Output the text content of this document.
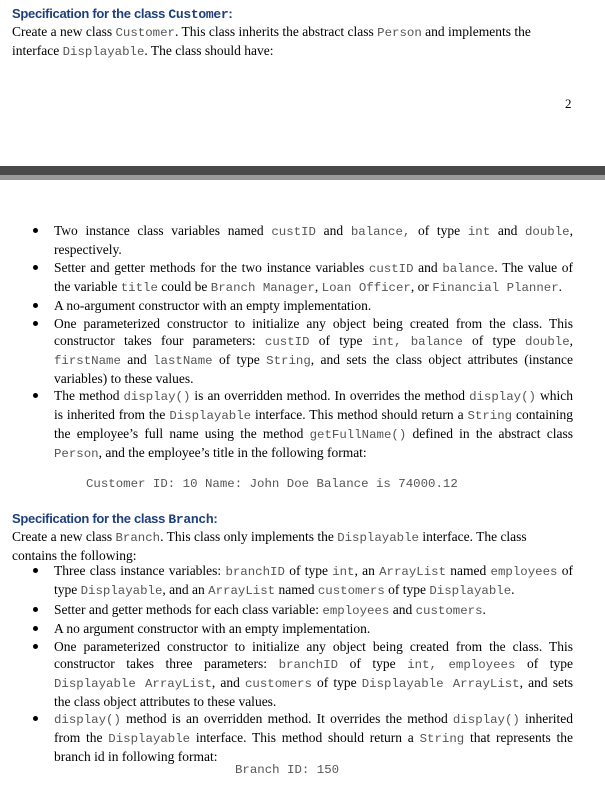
Specification for the class Customer:
Create a new class Customer. This class inherits the abstract class Person and implements the interface Displayable. The class should have:
2
Two instance class variables named custID and balance, of type int and double, respectively.
Setter and getter methods for the two instance variables custID and balance. The value of the variable title could be Branch Manager, Loan Officer, or Financial Planner.
A no-argument constructor with an empty implementation.
One parameterized constructor to initialize any object being created from the class. This constructor takes four parameters: custID of type int, balance of type double, firstName and lastName of type String, and sets the class object attributes (instance variables) to these values.
The method display() is an overridden method. In overrides the method display() which is inherited from the Displayable interface. This method should return a String containing the employee’s full name using the method getFullName() defined in the abstract class Person, and the employee’s title in the following format:
Customer ID: 10 Name: John Doe Balance is 74000.12
Specification for the class Branch:
Create a new class Branch. This class only implements the Displayable interface. The class contains the following:
Three class instance variables: branchID of type int, an ArrayList named employees of type Displayable, and an ArrayList named customers of type Displayable.
Setter and getter methods for each class variable: employees and customers.
A no argument constructor with an empty implementation.
One parameterized constructor to initialize any object being created from the class. This constructor takes three parameters: branchID of type int, employees of type Displayable ArrayList, and customers of type Displayable ArrayList, and sets the class object attributes to these values.
display() method is an overridden method. It overrides the method display() inherited from the Displayable interface. This method should return a String that represents the branch id in following format:
Branch ID: 150
